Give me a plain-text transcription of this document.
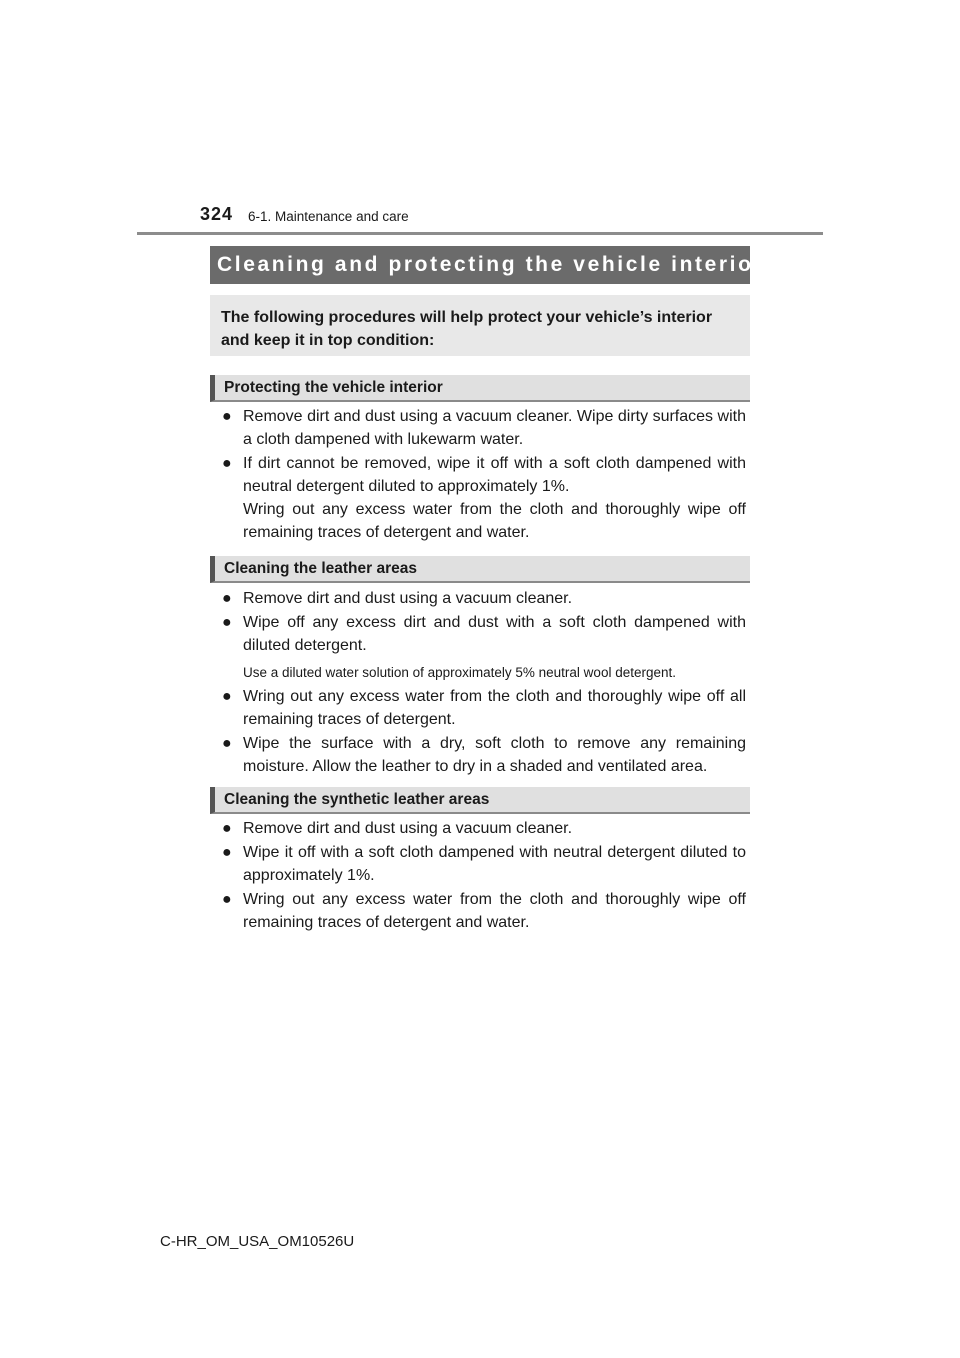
324 6-1. Maintenance and care
Cleaning and protecting the vehicle interior
The following procedures will help protect your vehicle’s interior and keep it in top condition:
Protecting the vehicle interior
● Remove dirt and dust using a vacuum cleaner. Wipe dirty surfaces with a cloth dampened with lukewarm water.
● If dirt cannot be removed, wipe it off with a soft cloth dampened with neutral detergent diluted to approximately 1%.
Wring out any excess water from the cloth and thoroughly wipe off remaining traces of detergent and water.
Cleaning the leather areas
● Remove dirt and dust using a vacuum cleaner.
● Wipe off any excess dirt and dust with a soft cloth dampened with diluted detergent.
Use a diluted water solution of approximately 5% neutral wool detergent.
● Wring out any excess water from the cloth and thoroughly wipe off all remaining traces of detergent.
● Wipe the surface with a dry, soft cloth to remove any remaining moisture. Allow the leather to dry in a shaded and ventilated area.
Cleaning the synthetic leather areas
● Remove dirt and dust using a vacuum cleaner.
● Wipe it off with a soft cloth dampened with neutral detergent diluted to approximately 1%.
● Wring out any excess water from the cloth and thoroughly wipe off remaining traces of detergent and water.
C-HR_OM_USA_OM10526U
